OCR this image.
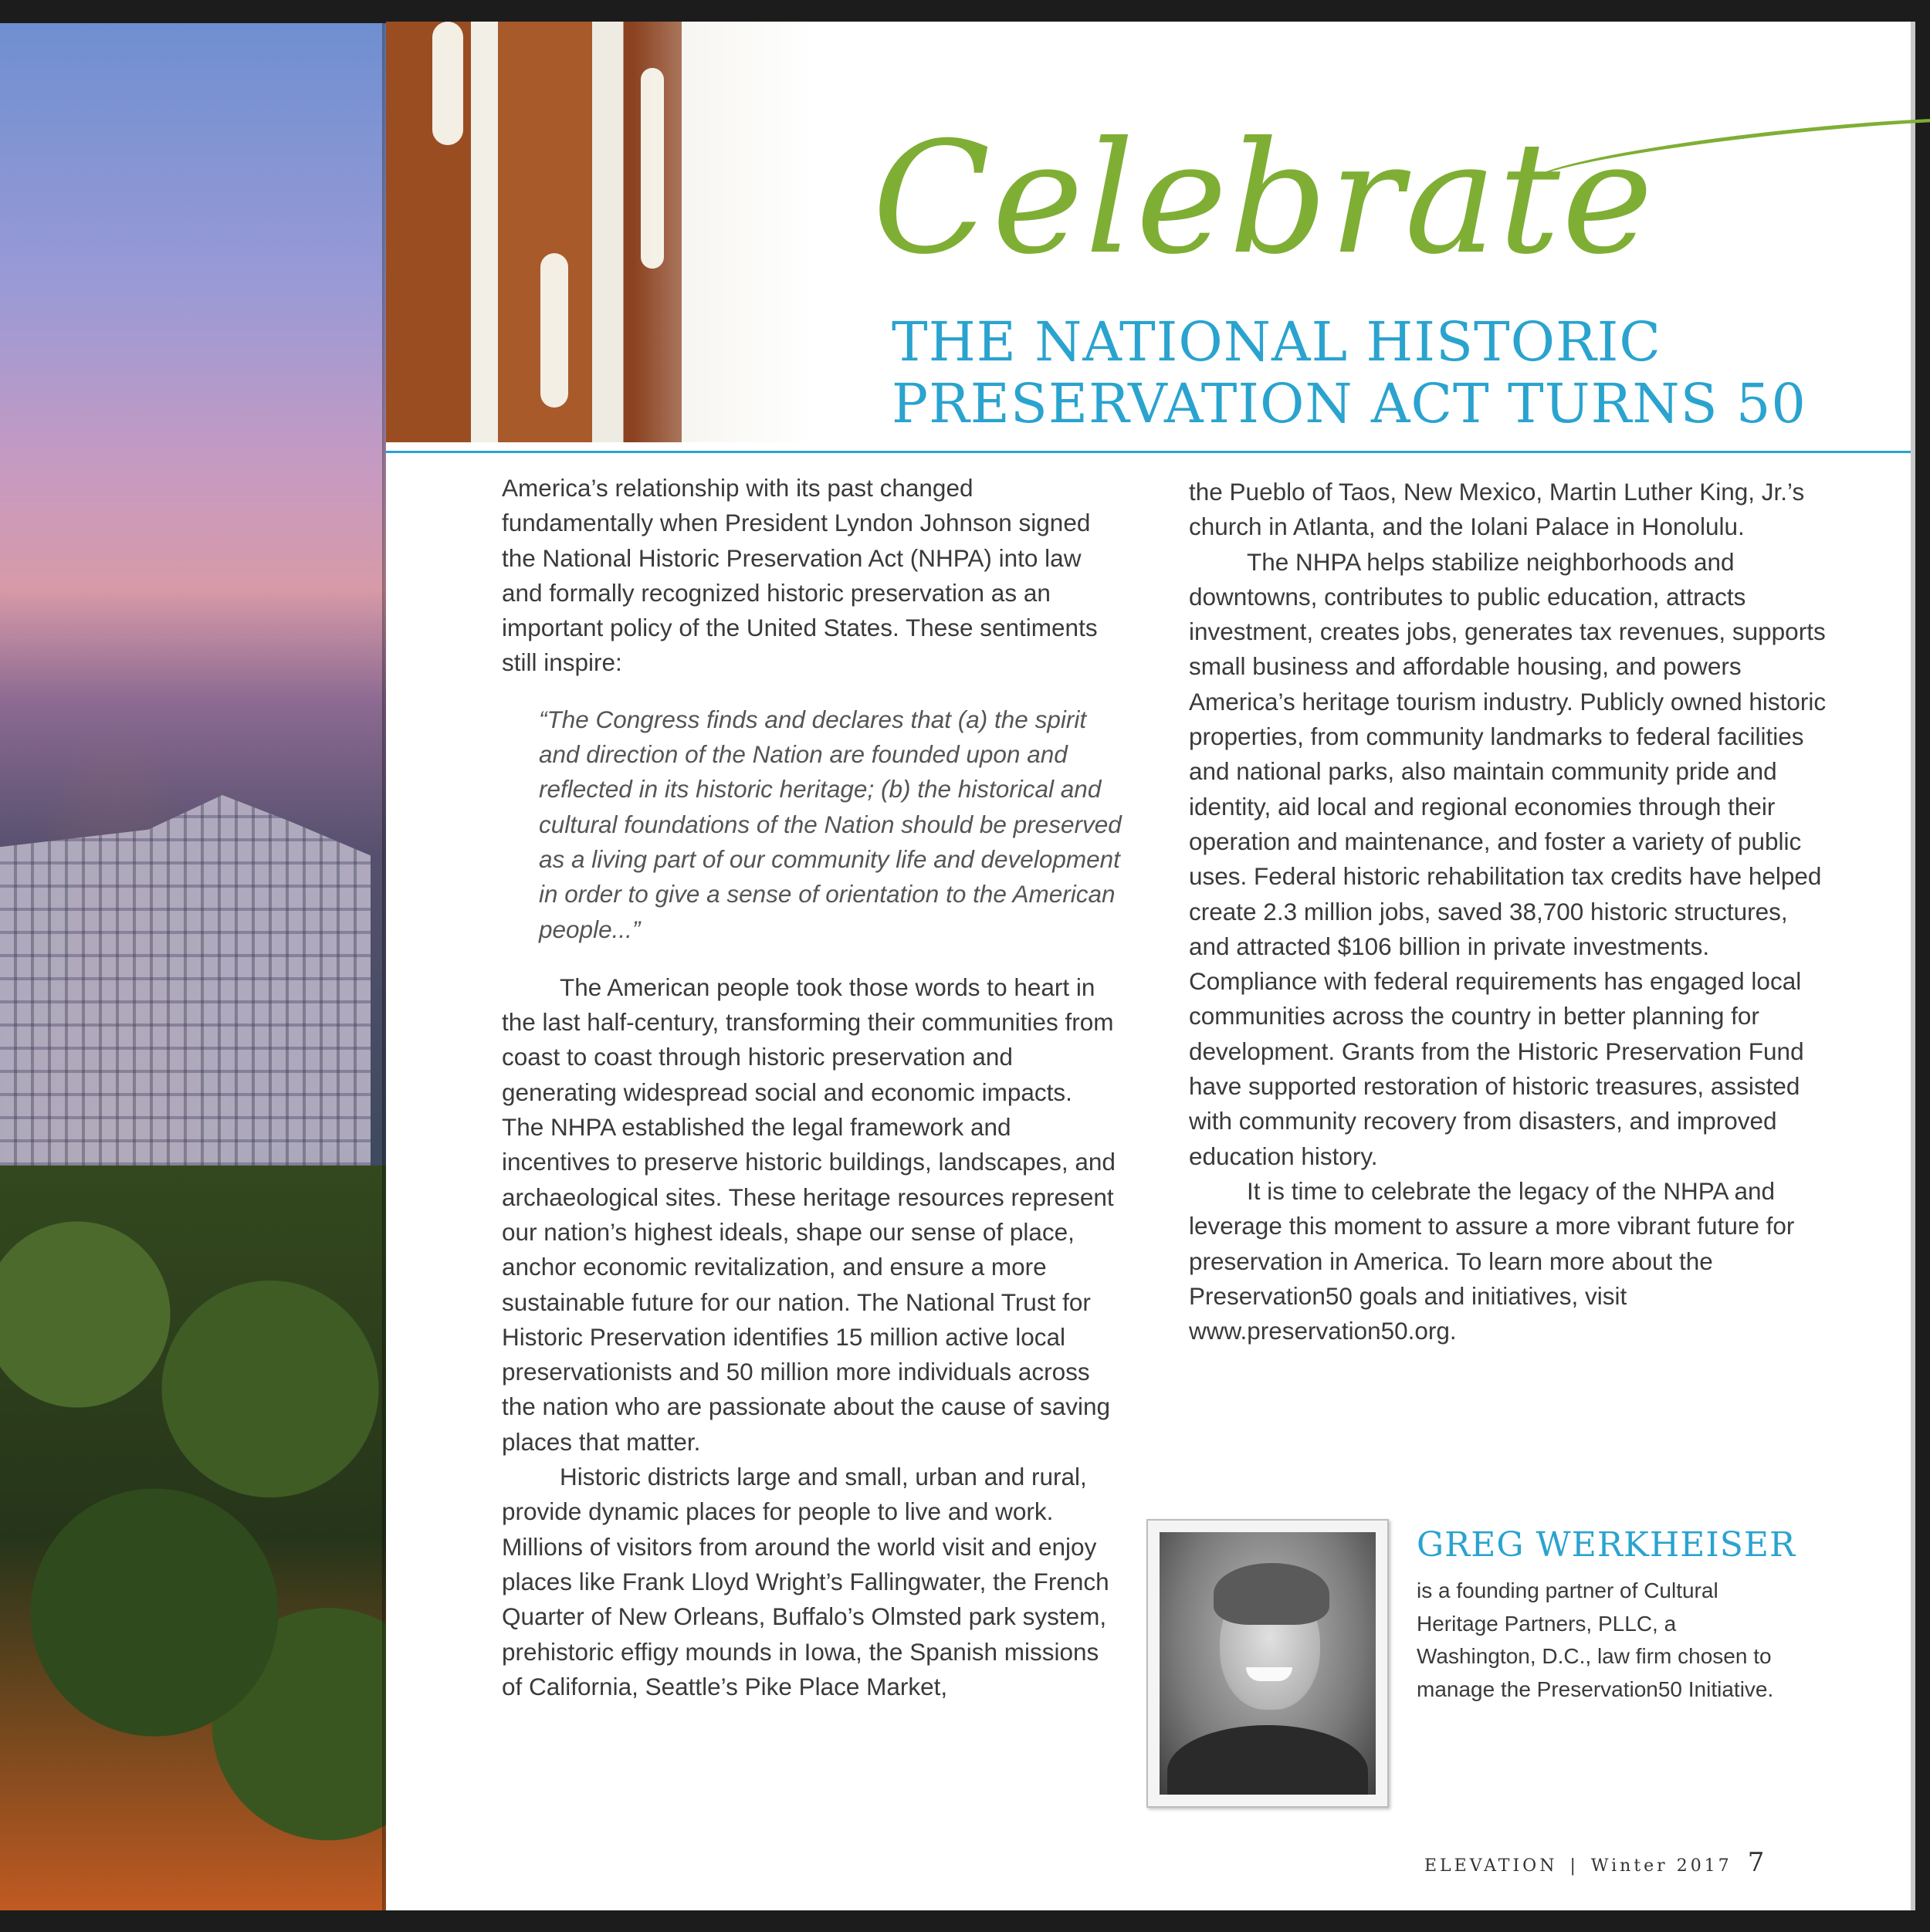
Celebrate
THE NATIONAL HISTORIC
PRESERVATION ACT TURNS 50

America’s relationship with its past changed fundamentally when President Lyndon Johnson signed the National Historic Preservation Act (NHPA) into law and formally recognized historic preservation as an important policy of the United States. These sentiments still inspire:

“The Congress finds and declares that (a) the spirit and direction of the Nation are founded upon and reflected in its historic heritage; (b) the historical and cultural foundations of the Nation should be preserved as a living part of our community life and development in order to give a sense of orientation to the American people...”

The American people took those words to heart in the last half-century, transforming their communities from coast to coast through historic preservation and generating widespread social and economic impacts. The NHPA established the legal framework and incentives to preserve historic buildings, landscapes, and archaeological sites. These heritage resources represent our nation’s highest ideals, shape our sense of place, anchor economic revitalization, and ensure a more sustainable future for our nation. The National Trust for Historic Preservation identifies 15 million active local preservationists and 50 million more individuals across the nation who are passionate about the cause of saving places that matter.

Historic districts large and small, urban and rural, provide dynamic places for people to live and work. Millions of visitors from around the world visit and enjoy places like Frank Lloyd Wright’s Fallingwater, the French Quarter of New Orleans, Buffalo’s Olmsted park system, prehistoric effigy mounds in Iowa, the Spanish missions of California, Seattle’s Pike Place Market,

the Pueblo of Taos, New Mexico, Martin Luther King, Jr.’s church in Atlanta, and the Iolani Palace in Honolulu.

The NHPA helps stabilize neighborhoods and downtowns, contributes to public education, attracts investment, creates jobs, generates tax revenues, supports small business and affordable housing, and powers America’s heritage tourism industry. Publicly owned historic properties, from community landmarks to federal facilities and national parks, also maintain community pride and identity, aid local and regional economies through their operation and maintenance, and foster a variety of public uses. Federal historic rehabilitation tax credits have helped create 2.3 million jobs, saved 38,700 historic structures, and attracted $106 billion in private investments. Compliance with federal requirements has engaged local communities across the country in better planning for development. Grants from the Historic Preservation Fund have supported restoration of historic treasures, assisted with community recovery from disasters, and improved education history.

It is time to celebrate the legacy of the NHPA and leverage this moment to assure a more vibrant future for preservation in America. To learn more about the Preservation50 goals and initiatives, visit www.preservation50.org.

GREG WERKHEISER
is a founding partner of Cultural Heritage Partners, PLLC, a Washington, D.C., law firm chosen to manage the Preservation50 Initiative.
ELEVATION | Winter 2017 7
